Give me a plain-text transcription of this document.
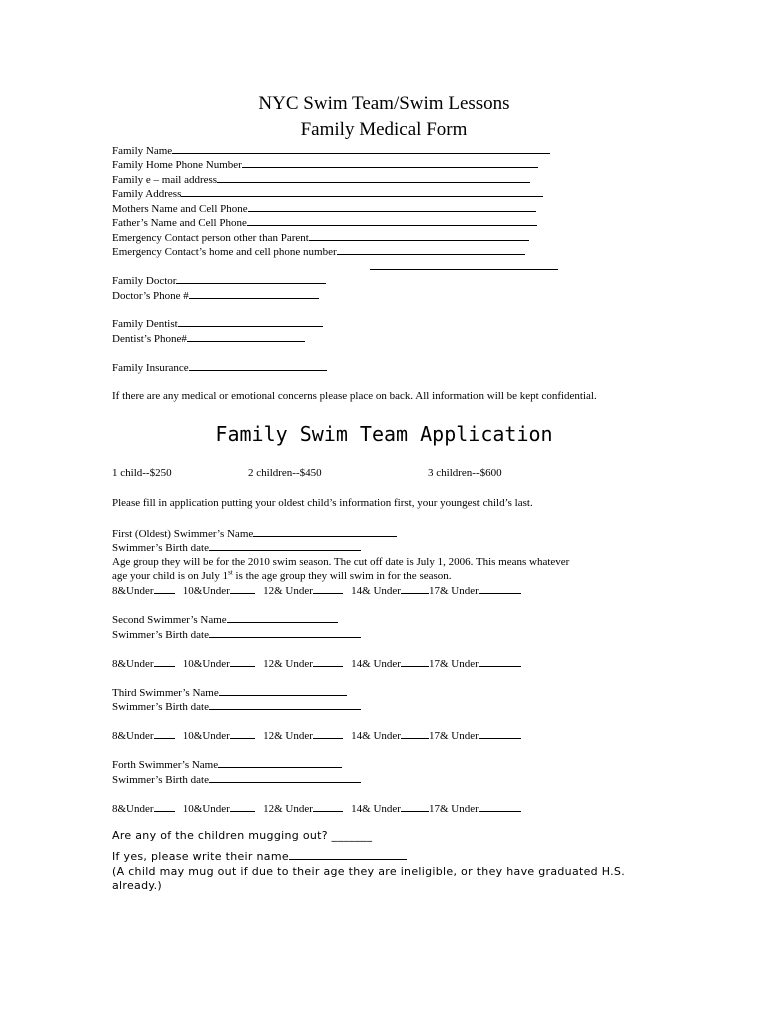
NYC Swim Team/Swim Lessons
Family Medical Form
Family Name
Family Home Phone Number
Family e – mail address
Family Address
Mothers Name and Cell Phone
Father’s Name and Cell Phone
Emergency Contact person other than Parent
Emergency Contact’s home and cell phone number
Family Doctor
Doctor’s Phone #
Family Dentist
Dentist’s Phone#
Family Insurance
If there are any medical or emotional concerns please place on back. All information will be kept confidential.
Family Swim Team Application
1 child--$250	2 children--$450	3 children--$600
Please fill in application putting your oldest child’s information first, your youngest child’s last.
First (Oldest) Swimmer’s Name
Swimmer’s Birth date
Age group they will be for the 2010 swim season. The cut off date is July 1, 2006. This means whatever
age your child is on July 1st is the age group they will swim in for the season.
8&Under	10&Under	12& Under	14& Under	17& Under
Second Swimmer’s Name
Swimmer’s Birth date
8&Under	10&Under	12& Under	14& Under	17& Under
Third Swimmer’s Name
Swimmer’s Birth date
8&Under	10&Under	12& Under	14& Under	17& Under
Forth Swimmer’s Name
Swimmer’s Birth date
8&Under	10&Under	12& Under	14& Under	17& Under
Are any of the children mugging out? _______
If yes, please write their name
(A child may mug out if due to their age they are ineligible, or they have graduated H.S. already.)
